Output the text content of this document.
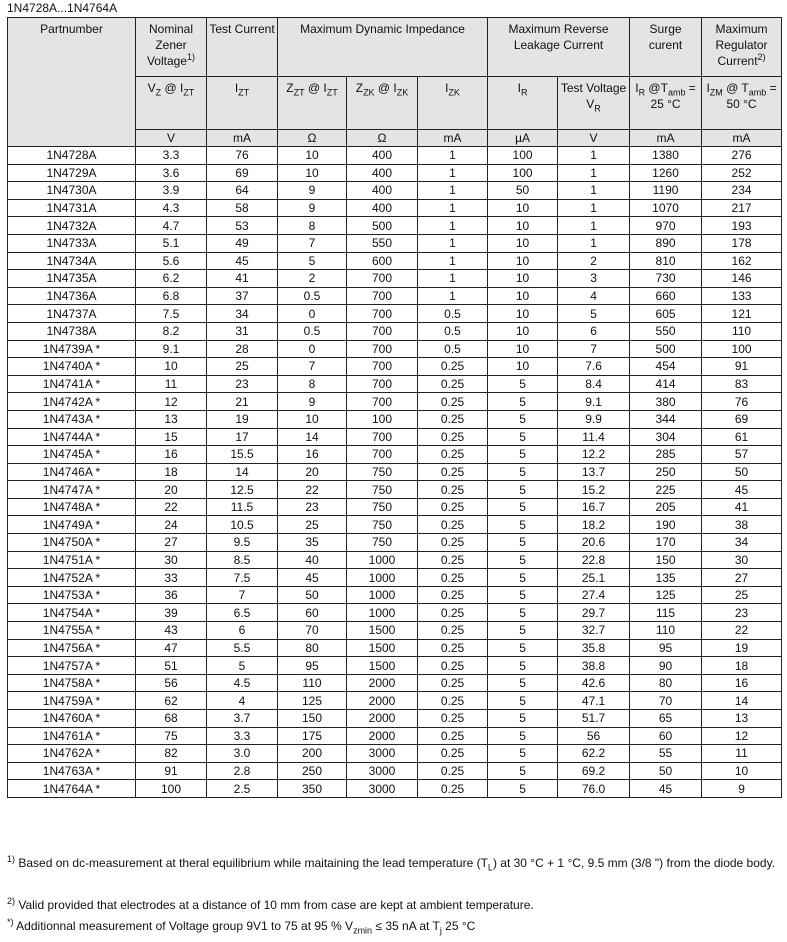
1N4728A...1N4764A
Partnumber	Nominal Zener Voltage$^{1)}$	Test Current	Maximum Dynamic Impedance			Maximum Reverse Leakage Current		Surge curent	Maximum Regulator Current$^{2)}$
	$V_Z$ @ $I_{ZT}$	$I_{ZT}$	$Z_{ZT}$ @ $I_{ZT}$	$Z_{ZK}$ @ $I_{ZK}$	$I_{ZK}$	$I_R$	Test Voltage $V_R$	$I_R$ $@T_{amb} = 25$ °C	$I_{ZM}$ @ $T_{amb} = 50$ °C
	V	mA	Ω	Ω	mA	µA	V	mA	mA
1N4728A	3.3	76	10	400	1	100	1	1380	276
1N4729A	3.6	69	10	400	1	100	1	1260	252
1N4730A	3.9	64	9	400	1	50	1	1190	234
1N4731A	4.3	58	9	400	1	10	1	1070	217
1N4732A	4.7	53	8	500	1	10	1	970	193
1N4733A	5.1	49	7	550	1	10	1	890	178
1N4734A	5.6	45	5	600	1	10	2	810	162
1N4735A	6.2	41	2	700	1	10	3	730	146
1N4736A	6.8	37	0.5	700	1	10	4	660	133
1N4737A	7.5	34	0	700	0.5	10	5	605	121
1N4738A	8.2	31	0.5	700	0.5	10	6	550	110
1N4739A *	9.1	28	0	700	0.5	10	7	500	100
1N4740A *	10	25	7	700	0.25	10	7.6	454	91
1N4741A *	11	23	8	700	0.25	5	8.4	414	83
1N4742A *	12	21	9	700	0.25	5	9.1	380	76
1N4743A *	13	19	10	100	0.25	5	9.9	344	69
1N4744A *	15	17	14	700	0.25	5	11.4	304	61
1N4745A *	16	15.5	16	700	0.25	5	12.2	285	57
1N4746A *	18	14	20	750	0.25	5	13.7	250	50
1N4747A *	20	12.5	22	750	0.25	5	15.2	225	45
1N4748A *	22	11.5	23	750	0.25	5	16.7	205	41
1N4749A *	24	10.5	25	750	0.25	5	18.2	190	38
1N4750A *	27	9.5	35	750	0.25	5	20.6	170	34
1N4751A *	30	8.5	40	1000	0.25	5	22.8	150	30
1N4752A *	33	7.5	45	1000	0.25	5	25.1	135	27
1N4753A *	36	7	50	1000	0.25	5	27.4	125	25
1N4754A *	39	6.5	60	1000	0.25	5	29.7	115	23
1N4755A *	43	6	70	1500	0.25	5	32.7	110	22
1N4756A *	47	5.5	80	1500	0.25	5	35.8	95	19
1N4757A *	51	5	95	1500	0.25	5	38.8	90	18
1N4758A *	56	4.5	110	2000	0.25	5	42.6	80	16
1N4759A *	62	4	125	2000	0.25	5	47.1	70	14
1N4760A *	68	3.7	150	2000	0.25	5	51.7	65	13
1N4761A *	75	3.3	175	2000	0.25	5	56	60	12
1N4762A *	82	3.0	200	3000	0.25	5	62.2	55	11
1N4763A *	91	2.8	250	3000	0.25	5	69.2	50	10
1N4764A *	100	2.5	350	3000	0.25	5	76.0	45	9
$^{1)}$ Based on dc-measurement at theral equilibrium while maitaining the lead temperature $(T_L)$ at 30 °C + 1 °C, 9.5 mm (3/8 ") from the diode body.
$^{2)}$ Valid provided that electrodes at a distance of 10 mm from case are kept at ambient temperature.
*) Additionnal measurement of Voltage group 9V1 to 75 at 95 % $V_{zmin} \le 35$ nA at $T_j$ 25 °C
